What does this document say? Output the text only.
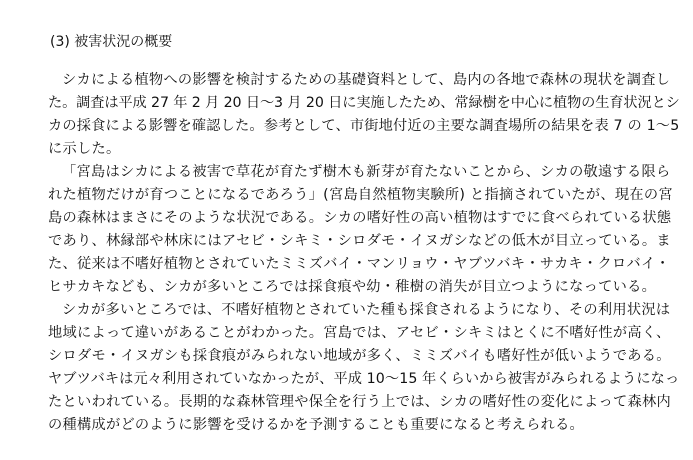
(3) 被害状況の概要
シカによる植物への影響を検討するための基礎資料として、島内の各地で森林の現状を調査し
た。調査は平成 27 年 2 月 20 日～3 月 20 日に実施したため、常緑樹を中心に植物の生育状況とシ
カの採食による影響を確認した。参考として、市街地付近の主要な調査場所の結果を表 7 の 1～5
に示した。
「宮島はシカによる被害で草花が育たず樹木も新芽が育たないことから、シカの敬遠する限ら
れた植物だけが育つことになるであろう」(宮島自然植物実験所) と指摘されていたが、現在の宮
島の森林はまさにそのような状況である。シカの嗜好性の高い植物はすでに食べられている状態
であり、林縁部や林床にはアセビ・シキミ・シロダモ・イヌガシなどの低木が目立っている。ま
た、従来は不嗜好植物とされていたミミズバイ・マンリョウ・ヤブツバキ・サカキ・クロバイ・
ヒサカキなども、シカが多いところでは採食痕や幼・稚樹の消失が目立つようになっている。
シカが多いところでは、不嗜好植物とされていた種も採食されるようになり、その利用状況は
地域によって違いがあることがわかった。宮島では、アセビ・シキミはとくに不嗜好性が高く、
シロダモ・イヌガシも採食痕がみられない地域が多く、ミミズバイも嗜好性が低いようである。
ヤブツバキは元々利用されていなかったが、平成 10～15 年くらいから被害がみられるようになっ
たといわれている。長期的な森林管理や保全を行う上では、シカの嗜好性の変化によって森林内
の種構成がどのように影響を受けるかを予測することも重要になると考えられる。
